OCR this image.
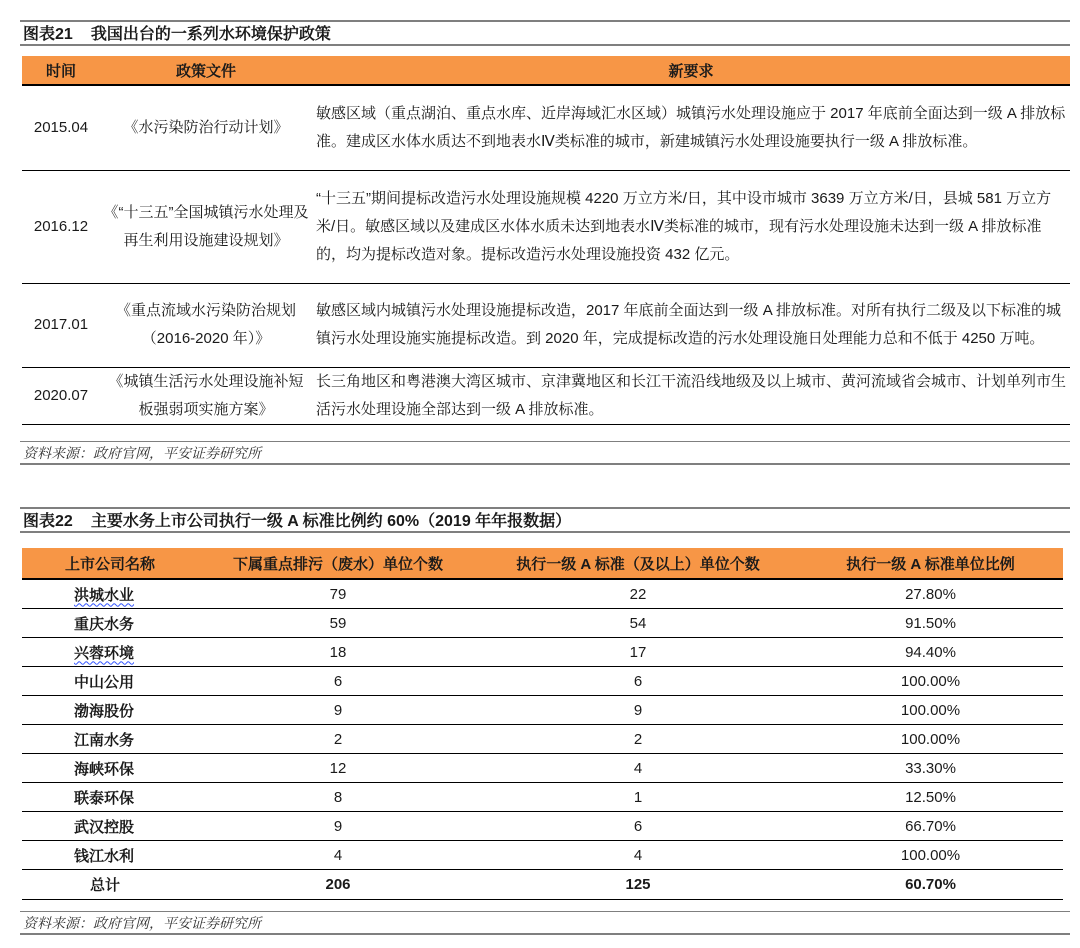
图表21 我国出台的一系列水环境保护政策
时间	政策文件	新要求
2015.04	《水污染防治行动计划》	敏感区域（重点湖泊、重点水库、近岸海域汇水区域）城镇污水处理设施应于 2017 年底前全面达到一级 A 排放标准。建成区水体水质达不到地表水Ⅳ类标准的城市，新建城镇污水处理设施要执行一级 A 排放标准。
2016.12	《“十三五”全国城镇污水处理及再生利用设施建设规划》	“十三五”期间提标改造污水处理设施规模 4220 万立方米/日，其中设市城市 3639 万立方米/日，县城 581 万立方米/日。敏感区域以及建成区水体水质未达到地表水Ⅳ类标准的城市，现有污水处理设施未达到一级 A 排放标准的，均为提标改造对象。提标改造污水处理设施投资 432 亿元。
2017.01	《重点流域水污染防治规划（2016-2020 年）》	敏感区域内城镇污水处理设施提标改造，2017 年底前全面达到一级 A 排放标准。对所有执行二级及以下标准的城镇污水处理设施实施提标改造。到 2020 年，完成提标改造的污水处理设施日处理能力总和不低于 4250 万吨。
2020.07	《城镇生活污水处理设施补短板强弱项实施方案》	长三角地区和粤港澳大湾区城市、京津冀地区和长江干流沿线地级及以上城市、黄河流域省会城市、计划单列市生活污水处理设施全部达到一级 A 排放标准。
资料来源：政府官网，平安证券研究所
图表22 主要水务上市公司执行一级 A 标准比例约 60%（2019 年年报数据）
上市公司名称	下属重点排污（废水）单位个数	执行一级 A 标准（及以上）单位个数	执行一级 A 标准单位比例
洪城水业	79	22	27.80%
重庆水务	59	54	91.50%
兴蓉环境	18	17	94.40%
中山公用	6	6	100.00%
渤海股份	9	9	100.00%
江南水务	2	2	100.00%
海峡环保	12	4	33.30%
联泰环保	8	1	12.50%
武汉控股	9	6	66.70%
钱江水利	4	4	100.00%
总计	206	125	60.70%
资料来源：政府官网，平安证券研究所
